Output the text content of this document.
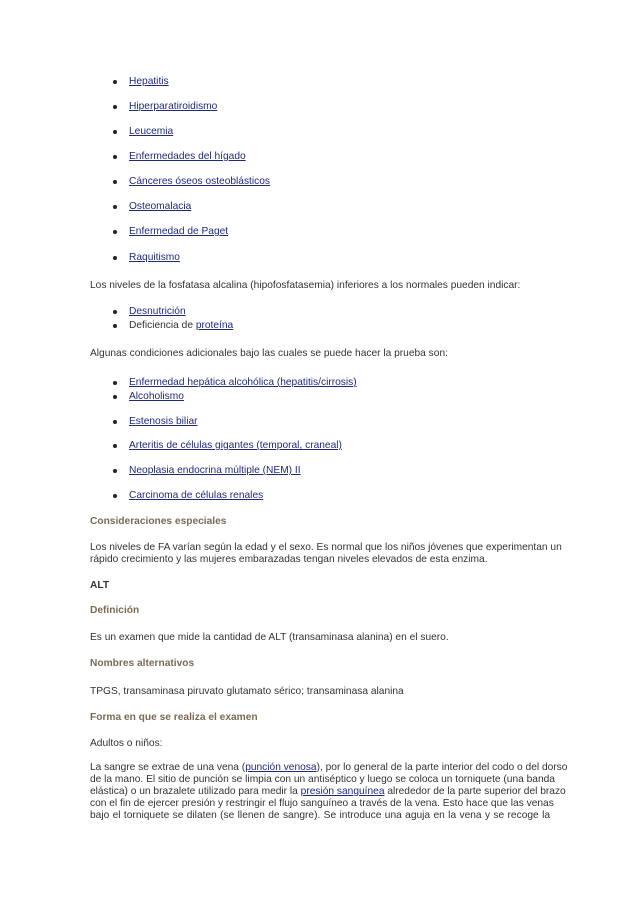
Hepatitis
Hiperparatiroidismo
Leucemia
Enfermedades del hígado
Cánceres óseos osteoblásticos
Osteomalacia
Enfermedad de Paget
Raquitismo
Los niveles de la fosfatasa alcalina (hipofosfatasemia) inferiores a los normales pueden indicar:
Desnutrición
Deficiencia de proteína
Algunas condiciones adicionales bajo las cuales se puede hacer la prueba son:
Enfermedad hepática alcohólica (hepatitis/cirrosis)
Alcoholismo
Estenosis biliar
Arteritis de células gigantes (temporal, craneal)
Neoplasia endocrina múltiple (NEM) II
Carcinoma de células renales
Consideraciones especiales
Los niveles de FA varían según la edad y el sexo. Es normal que los niños jóvenes que experimentan un
rápido crecimiento y las mujeres embarazadas tengan niveles elevados de esta enzima.
ALT
Definición
Es un examen que mide la cantidad de ALT (transaminasa alanina) en el suero.
Nombres alternativos
TPGS, transaminasa piruvato glutamato sérico; transaminasa alanina
Forma en que se realiza el examen
Adultos o niños:
La sangre se extrae de una vena (punción venosa), por lo general de la parte interior del codo o del dorso
de la mano. El sitio de punción se limpia con un antiséptico y luego se coloca un torniquete (una banda
elástica) o un brazalete utilizado para medir la presión sanguínea alrededor de la parte superior del brazo
con el fin de ejercer presión y restringir el flujo sanguíneo a través de la vena. Esto hace que las venas
bajo el torniquete se dilaten (se llenen de sangre). Se introduce una aguja en la vena y se recoge la
